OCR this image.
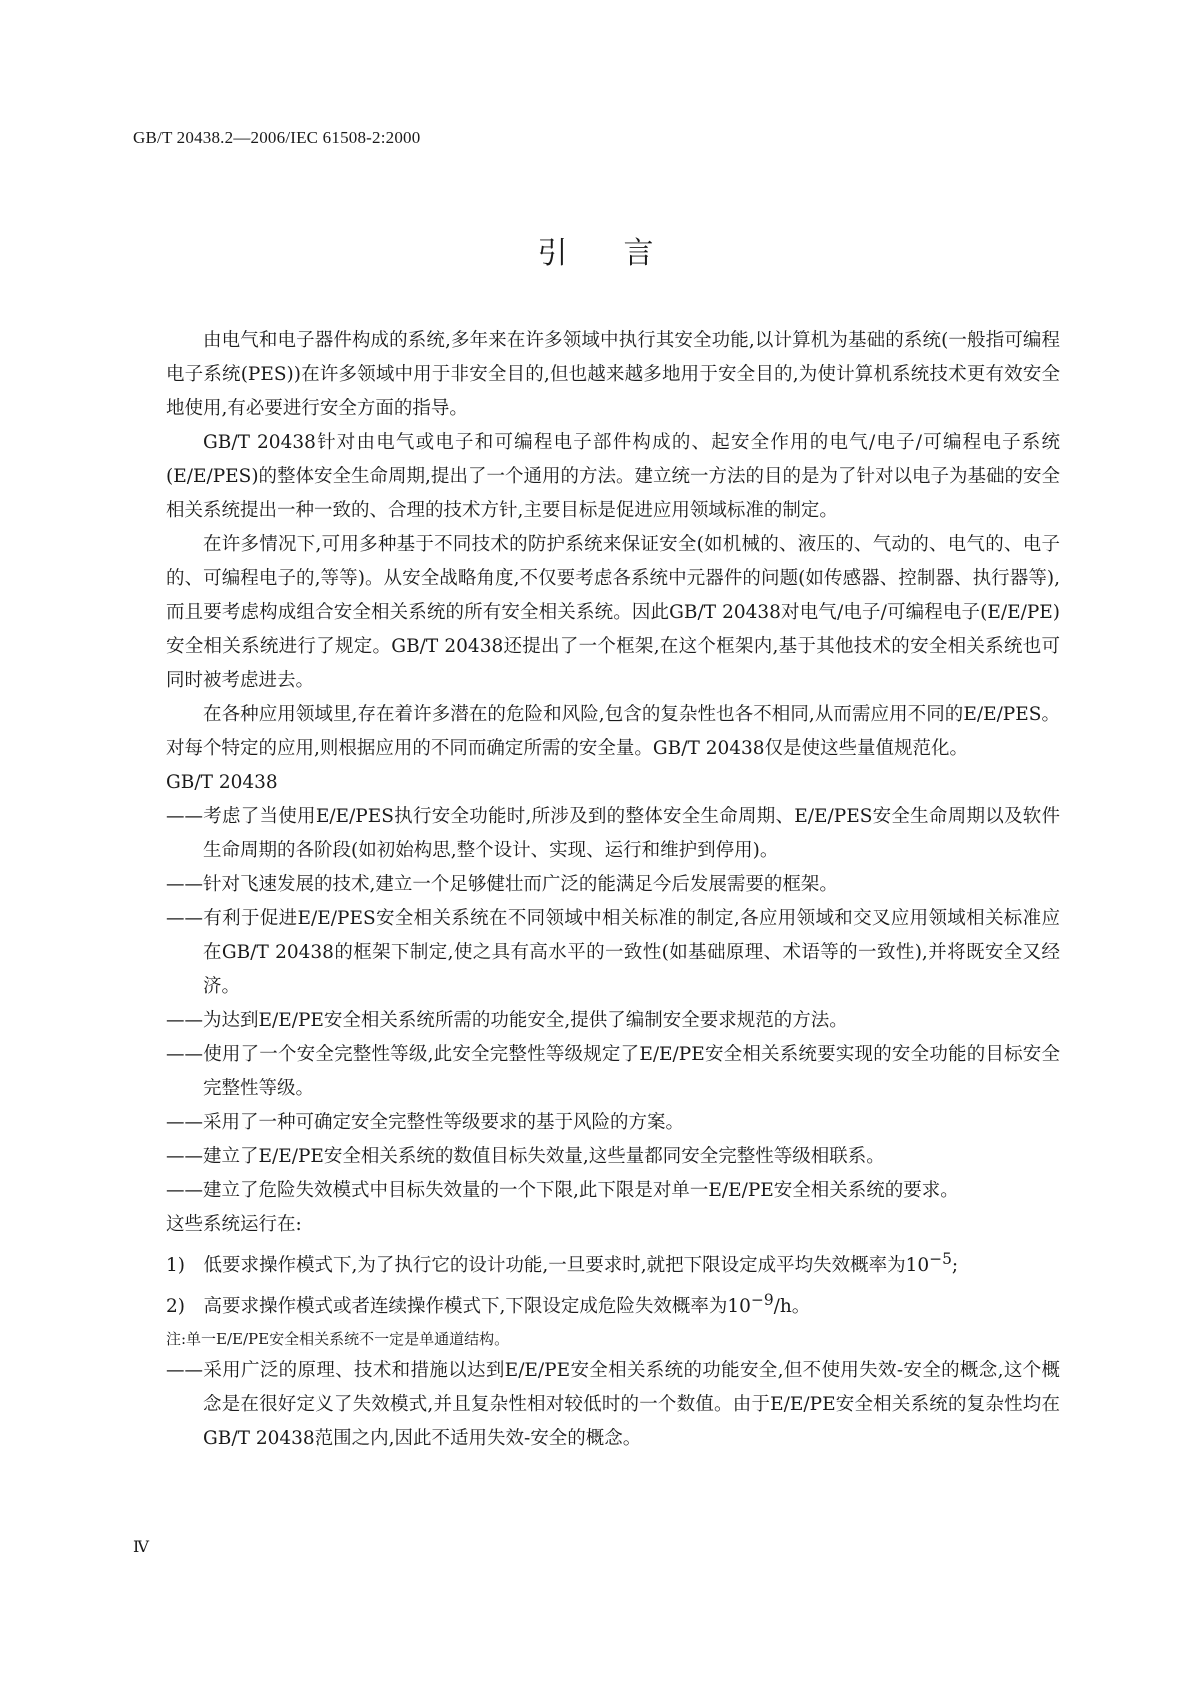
GB/T 20438.2—2006/IEC 61508-2:2000
引言

由电气和电子器件构成的系统,多年来在许多领域中执行其安全功能,以计算机为基础的系统(一般指可编程电子系统(PES))在许多领域中用于非安全目的,但也越来越多地用于安全目的,为使计算机系统技术更有效安全地使用,有必要进行安全方面的指导。

GB/T 20438针对由电气或电子和可编程电子部件构成的、起安全作用的电气/电子/可编程电子系统(E/E/PES)的整体安全生命周期,提出了一个通用的方法。建立统一方法的目的是为了针对以电子为基础的安全相关系统提出一种一致的、合理的技术方针,主要目标是促进应用领域标准的制定。

在许多情况下,可用多种基于不同技术的防护系统来保证安全(如机械的、液压的、气动的、电气的、电子的、可编程电子的,等等)。从安全战略角度,不仅要考虑各系统中元器件的问题(如传感器、控制器、执行器等),而且要考虑构成组合安全相关系统的所有安全相关系统。因此GB/T 20438对电气/电子/可编程电子(E/E/PE)安全相关系统进行了规定。GB/T 20438还提出了一个框架,在这个框架内,基于其他技术的安全相关系统也可同时被考虑进去。

在各种应用领域里,存在着许多潜在的危险和风险,包含的复杂性也各不相同,从而需应用不同的E/E/PES。对每个特定的应用,则根据应用的不同而确定所需的安全量。GB/T 20438仅是使这些量值规范化。

GB/T 20438

——考虑了当使用E/E/PES执行安全功能时,所涉及到的整体安全生命周期、E/E/PES安全生命周期以及软件生命周期的各阶段(如初始构思,整个设计、实现、运行和维护到停用)。

——针对飞速发展的技术,建立一个足够健壮而广泛的能满足今后发展需要的框架。

——有利于促进E/E/PES安全相关系统在不同领域中相关标准的制定,各应用领域和交叉应用领域相关标准应在GB/T 20438的框架下制定,使之具有高水平的一致性(如基础原理、术语等的一致性),并将既安全又经济。

——为达到E/E/PE安全相关系统所需的功能安全,提供了编制安全要求规范的方法。

——使用了一个安全完整性等级,此安全完整性等级规定了E/E/PE安全相关系统要实现的安全功能的目标安全完整性等级。

——采用了一种可确定安全完整性等级要求的基于风险的方案。

——建立了E/E/PE安全相关系统的数值目标失效量,这些量都同安全完整性等级相联系。

——建立了危险失效模式中目标失效量的一个下限,此下限是对单一E/E/PE安全相关系统的要求。

这些系统运行在:

1)  低要求操作模式下,为了执行它的设计功能,一旦要求时,就把下限设定成平均失效概率为$10^{-5}$;

2)  高要求操作模式或者连续操作模式下,下限设定成危险失效概率为$10^{-9}/h$。

注:单一E/E/PE安全相关系统不一定是单通道结构。

——采用广泛的原理、技术和措施以达到E/E/PE安全相关系统的功能安全,但不使用失效-安全的概念,这个概念是在很好定义了失效模式,并且复杂性相对较低时的一个数值。由于E/E/PE安全相关系统的复杂性均在GB/T 20438范围之内,因此不适用失效-安全的概念。

Ⅳ
